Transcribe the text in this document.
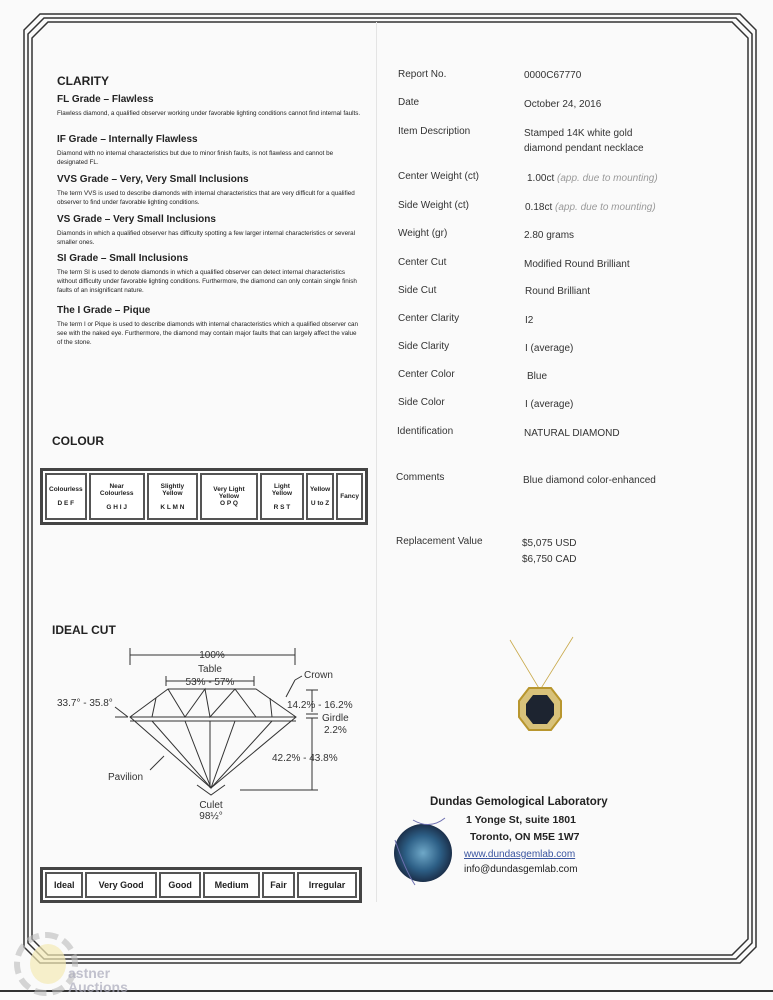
CLARITY
FL Grade – Flawless
Flawless diamond, a qualified observer working under favorable lighting conditions cannot find internal faults.
IF Grade – Internally Flawless
Diamond with no internal characteristics but due to minor finish faults, is not flawless and cannot be designated FL.
VVS Grade – Very, Very Small Inclusions
The term VVS is used to describe diamonds with internal characteristics that are very difficult for a qualified observer to find under favorable lighting conditions.
VS Grade – Very Small Inclusions
Diamonds in which a qualified observer has difficulty spotting a few larger internal characteristics or several smaller ones.
SI Grade – Small Inclusions
The term SI is used to denote diamonds in which a qualified observer can detect internal characteristics without difficulty under favorable lighting conditions. Furthermore, the diamond can only contain single finish faults of an insignificant nature.
The I Grade – Pique
The term I or Pique is used to describe diamonds with internal characteristics which a qualified observer can see with the naked eye. Furthermore, the diamond may contain major faults that can largely affect the value of the stone.
COLOUR
Colourless

D E F

Near Colourless

G H I J

Slightly Yellow

K L M N

Very Light Yellow
O P Q

Light Yellow

R S T

Yellow

U to Z

Fancy
IDEAL CUT
100%
Table
53% - 57%
Crown
33.7° - 35.8°	14.2% - 16.2%
Girdle
2.2%
42.2% - 43.8%
Pavilion
Culet
98½°
Ideal	Very Good	Good	Medium	Fair	Irregular
Report No.	0000C67770
Date	October 24, 2016
Item Description	Stamped 14K white gold diamond pendant necklace
Center Weight (ct)	1.00ct (app. due to mounting)
Side Weight (ct)	0.18ct (app. due to mounting)
Weight (gr)	2.80 grams
Center Cut	Modified Round Brilliant
Side Cut	Round Brilliant
Center Clarity	I2
Side Clarity	I (average)
Center Color	Blue
Side Color	I (average)
Identification	NATURAL DIAMOND
Comments	Blue diamond color-enhanced
Replacement Value	$5,075 USD
$6,750 CAD
Dundas Gemological Laboratory
1 Yonge St, suite 1801
Toronto, ON M5E 1W7
www.dundasgemlab.com
info@dundasgemlab.com
astner
Auctions
